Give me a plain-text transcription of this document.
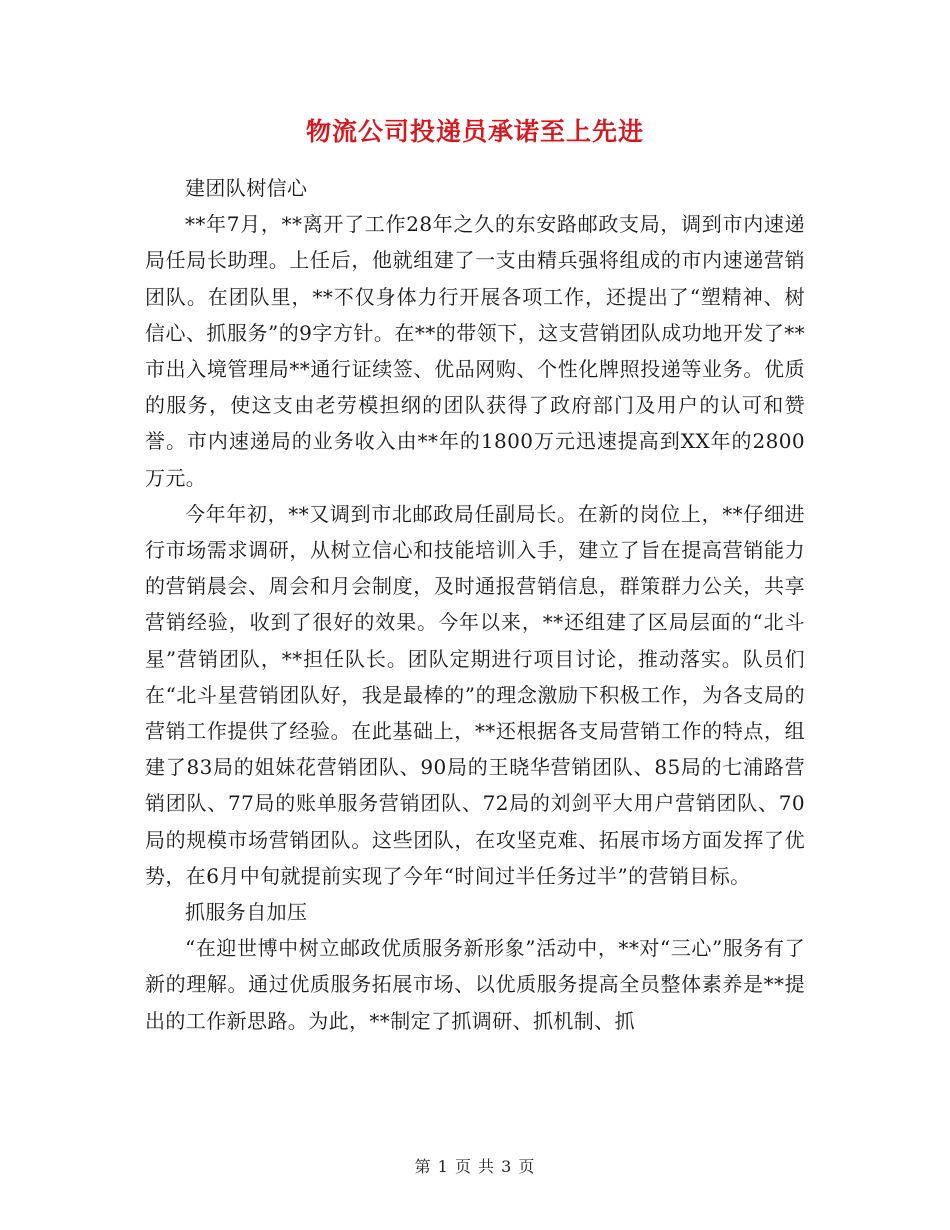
物流公司投递员承诺至上先进

建团队树信心

**年7月，**离开了工作28年之久的东安路邮政支局，调到市内速递局任局长助理。上任后，他就组建了一支由精兵强将组成的市内速递营销团队。在团队里，**不仅身体力行开展各项工作，还提出了“塑精神、树信心、抓服务”的9字方针。在**的带领下，这支营销团队成功地开发了**市出入境管理局**通行证续签、优品网购、个性化牌照投递等业务。优质的服务，使这支由老劳模担纲的团队获得了政府部门及用户的认可和赞誉。市内速递局的业务收入由**年的1800万元迅速提高到XX年的2800万元。

今年年初，**又调到市北邮政局任副局长。在新的岗位上，**仔细进行市场需求调研，从树立信心和技能培训入手，建立了旨在提高营销能力的营销晨会、周会和月会制度，及时通报营销信息，群策群力公关，共享营销经验，收到了很好的效果。今年以来，**还组建了区局层面的“北斗星”营销团队，**担任队长。团队定期进行项目讨论，推动落实。队员们在“北斗星营销团队好，我是最棒的”的理念激励下积极工作，为各支局的营销工作提供了经验。在此基础上，**还根据各支局营销工作的特点，组建了83局的姐妹花营销团队、90局的王晓华营销团队、85局的七浦路营销团队、77局的账单服务营销团队、72局的刘剑平大用户营销团队、70局的规模市场营销团队。这些团队，在攻坚克难、拓展市场方面发挥了优势，在6月中旬就提前实现了今年“时间过半任务过半”的营销目标。

抓服务自加压

“在迎世博中树立邮政优质服务新形象”活动中，**对“三心”服务有了新的理解。通过优质服务拓展市场、以优质服务提高全员整体素养是**提出的工作新思路。为此，**制定了抓调研、抓机制、抓

第 1 页 共 3 页
